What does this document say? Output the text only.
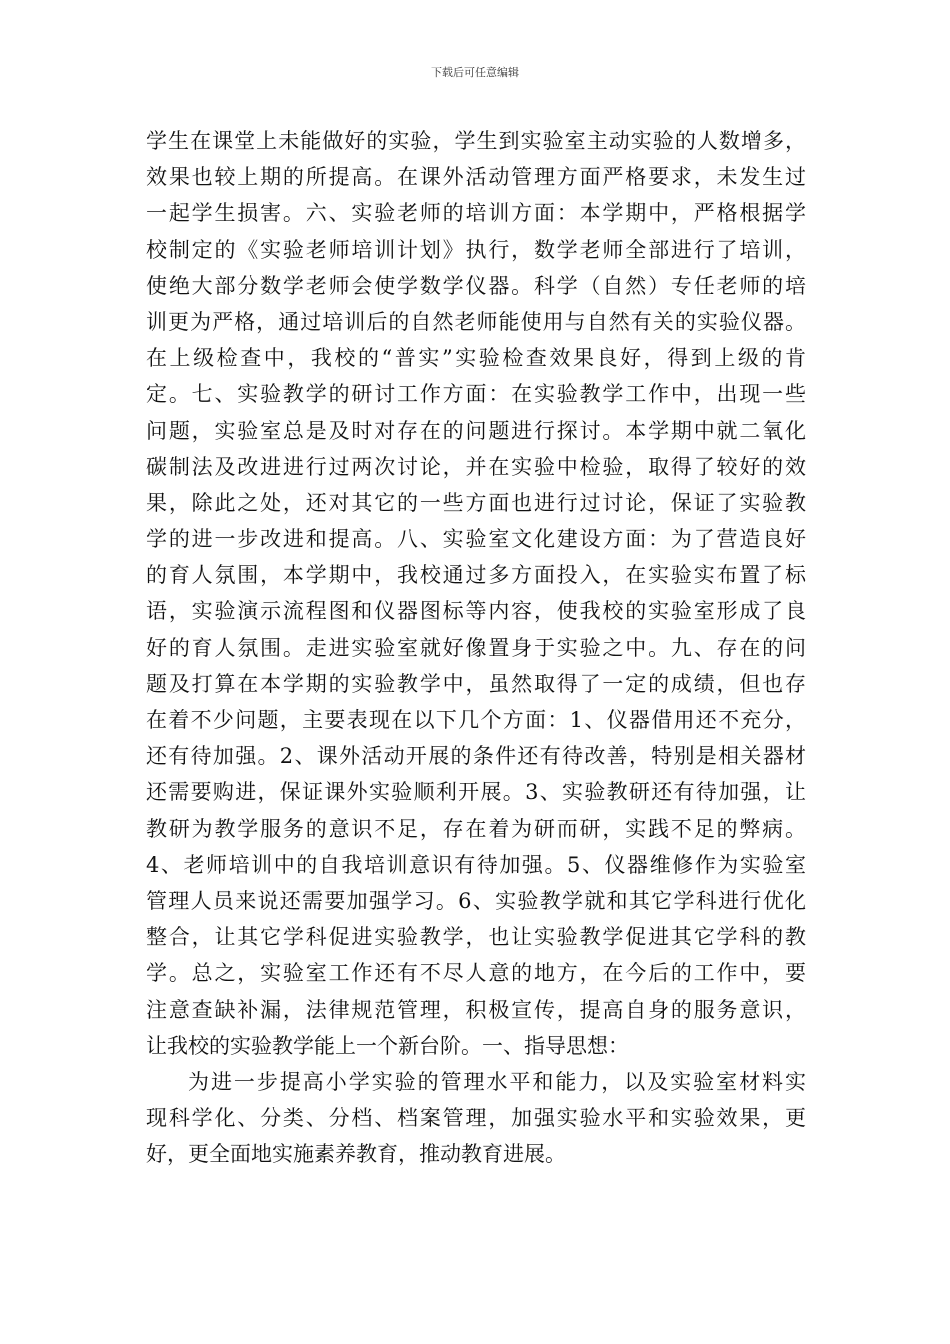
下载后可任意编辑
学生在课堂上未能做好的实验，学生到实验室主动实验的人数增多，
效果也较上期的所提高。在课外活动管理方面严格要求，未发生过
一起学生损害。六、实验老师的培训方面：本学期中，严格根据学
校制定的《实验老师培训计划》执行，数学老师全部进行了培训，
使绝大部分数学老师会使学数学仪器。科学（自然）专任老师的培
训更为严格，通过培训后的自然老师能使用与自然有关的实验仪器。
在上级检查中，我校的“普实”实验检查效果良好，得到上级的肯
定。七、实验教学的研讨工作方面：在实验教学工作中，出现一些
问题，实验室总是及时对存在的问题进行探讨。本学期中就二氧化
碳制法及改进进行过两次讨论，并在实验中检验，取得了较好的效
果，除此之处，还对其它的一些方面也进行过讨论，保证了实验教
学的进一步改进和提高。八、实验室文化建设方面：为了营造良好
的育人氛围，本学期中，我校通过多方面投入，在实验实布置了标
语，实验演示流程图和仪器图标等内容，使我校的实验室形成了良
好的育人氛围。走进实验室就好像置身于实验之中。九、存在的问
题及打算在本学期的实验教学中，虽然取得了一定的成绩，但也存
在着不少问题，主要表现在以下几个方面：1、仪器借用还不充分，
还有待加强。2、课外活动开展的条件还有待改善，特别是相关器材
还需要购进，保证课外实验顺利开展。3、实验教研还有待加强，让
教研为教学服务的意识不足，存在着为研而研，实践不足的弊病。
4、老师培训中的自我培训意识有待加强。5、仪器维修作为实验室
管理人员来说还需要加强学习。6、实验教学就和其它学科进行优化
整合，让其它学科促进实验教学，也让实验教学促进其它学科的教
学。总之，实验室工作还有不尽人意的地方，在今后的工作中，要
注意查缺补漏，法律规范管理，积极宣传，提高自身的服务意识，
让我校的实验教学能上一个新台阶。一、指导思想：
为进一步提高小学实验的管理水平和能力，以及实验室材料实
现科学化、分类、分档、档案管理，加强实验水平和实验效果，更
好，更全面地实施素养教育，推动教育进展。
